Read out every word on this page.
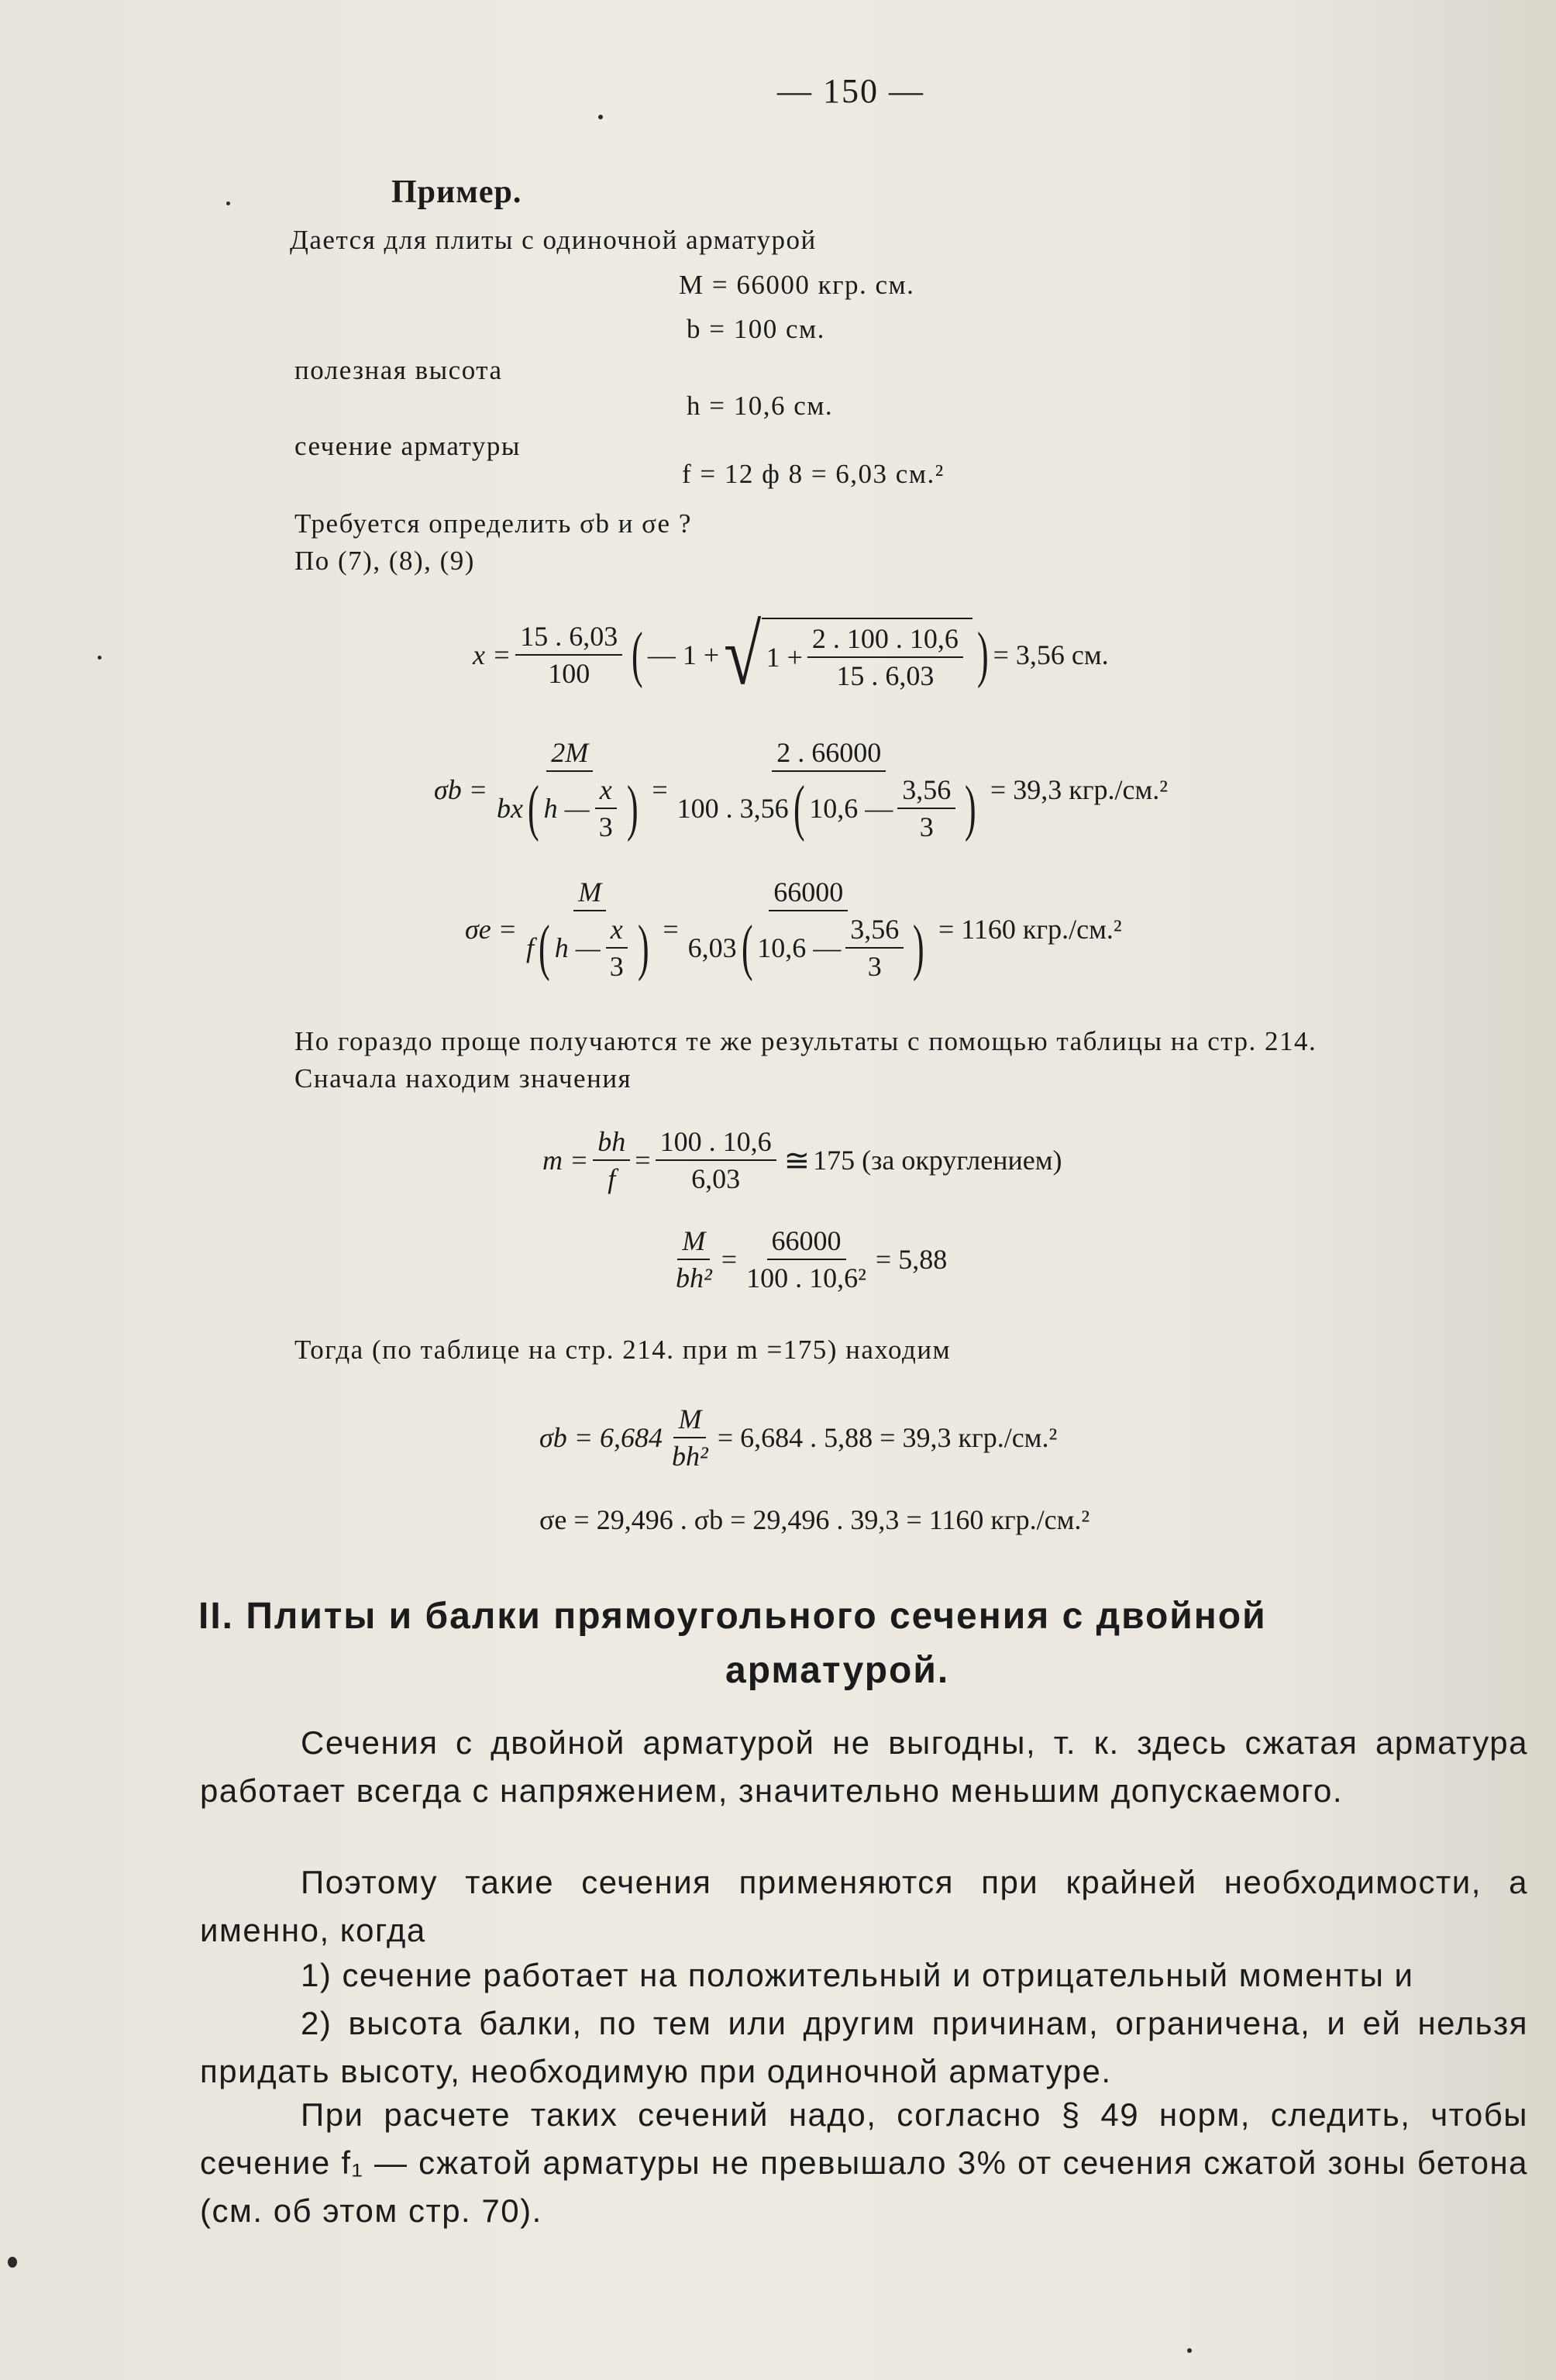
— 150 —
Пример.
Дается для плиты с одиночной арматурой
M = 66000 кгр. см.
b = 100 см.
полезная высота
h = 10,6 см.
сечение арматуры
f = 12 ф 8 = 6,03 см.²
Требуется определить σb и σe ?
По (7), (8), (9)
$x = \frac{15 . 6,03}{100}$ ( — 1 + √ $1 + \frac{2 . 100 . 10,6}{15 . 6,03}$ ) = 3,56 см.
σb =
2M
bx ( h — $\frac{x}{3}$ ) =
2 . 66000
100 . 3,56 ( 10,6 — $\frac{3,56}{3}$ ) = 39,3 кгр./см.²
σe =
M
f ( h — $\frac{x}{3}$ ) =
66000
6,03 ( 10,6 — $\frac{3,56}{3}$ ) = 1160 кгр./см.²
Но гораздо проще получаются те же результаты с помощью таблицы на стр. 214.
Сначала находим значения
$m = \frac{bh}{f} = \frac{100 . 10,6}{6,03}$ ≅ 175 (за округлением)
$\frac{M}{\text{bh²}} = \frac{66000}{\text{100 . 10,6²}} = 5,88$
Тогда (по таблице на стр. 214. при m =175) находим
$\sigma b = 6,684 \frac{M}{\text{bh²}} = 6,684$ . 5,88 = 39,3 кгр./см.²
σe = 29,496 . σb = 29,496 . 39,3 = 1160 кгр./см.²
II. Плиты и балки прямоугольного сечения с двойной
арматурой.
Сечения с двойной арматурой не выгодны, т. к. здесь сжатая арматура работает всегда с напряжением, значительно меньшим допускаемого.
Поэтому такие сечения применяются при крайней необходимости, а именно, когда
1) сечение работает на положительный и отрицательный моменты и
2) высота балки, по тем или другим причинам, ограничена, и ей нельзя придать высоту, необходимую при одиночной арматуре.
При расчете таких сечений надо, согласно § 49 норм, следить, чтобы сечение f₁ — сжатой арматуры не превышало 3% от сечения сжатой зоны бетона (см. об этом стр. 70).
